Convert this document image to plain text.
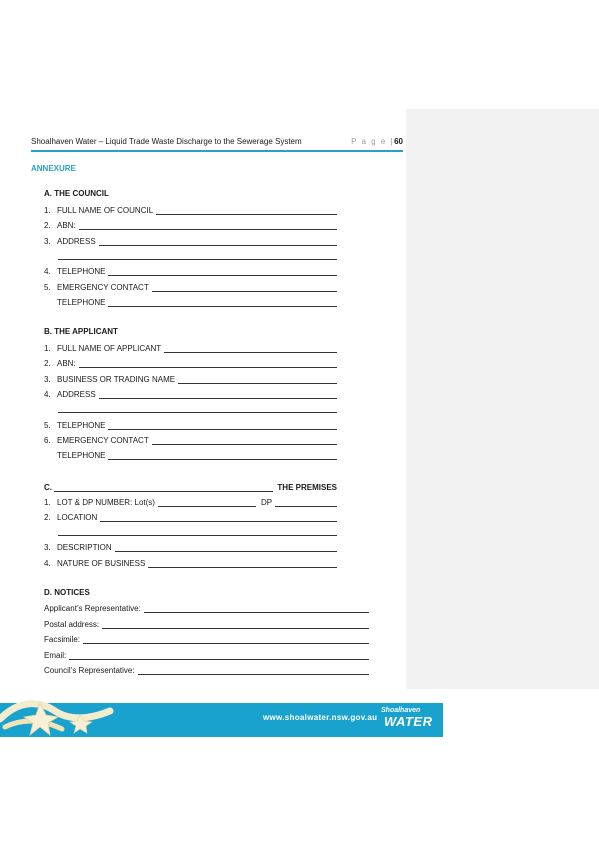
Shoalhaven Water – Liquid Trade Waste Discharge to the Sewerage System	P a g e |60
ANNEXURE
A. THE COUNCIL
1. FULL NAME OF COUNCIL
2. ABN:
3. ADDRESS
4. TELEPHONE
5. EMERGENCY CONTACT
TELEPHONE
B. THE APPLICANT
1. FULL NAME OF APPLICANT
2. ABN:
3. BUSINESS OR TRADING NAME
4. ADDRESS
5. TELEPHONE
6. EMERGENCY CONTACT
TELEPHONE
C.	THE PREMISES
1. LOT & DP NUMBER: Lot(s)	DP
2. LOCATION
3. DESCRIPTION
4. NATURE OF BUSINESS
D. NOTICES
Applicant’s Representative:
Postal address:
Facsimile:
Email:
Council’s Representative:
www.shoalwater.nsw.gov.au
Shoalhaven
WATER
